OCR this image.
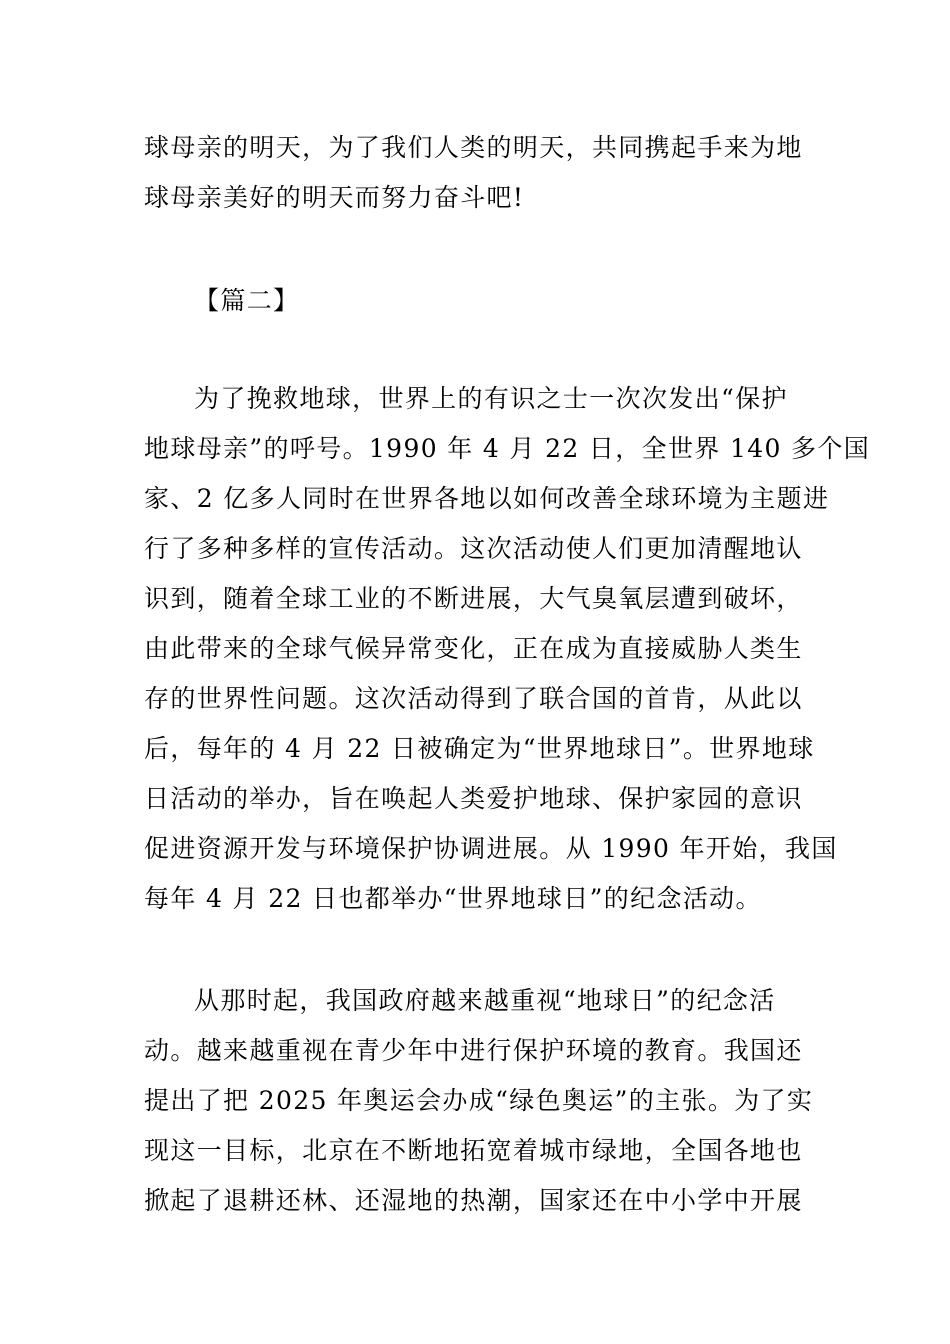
球母亲的明天，为了我们人类的明天，共同携起手来为地
球母亲美好的明天而努力奋斗吧!
【篇二】
为了挽救地球，世界上的有识之士一次次发出“保护
地球母亲”的呼号。1990 年 4 月 22 日，全世界 140 多个国
家、2 亿多人同时在世界各地以如何改善全球环境为主题进
行了多种多样的宣传活动。这次活动使人们更加清醒地认
识到，随着全球工业的不断进展，大气臭氧层遭到破坏，
由此带来的全球气候异常变化，正在成为直接威胁人类生
存的世界性问题。这次活动得到了联合国的首肯，从此以
后，每年的 4 月 22 日被确定为“世界地球日”。世界地球
日活动的举办，旨在唤起人类爱护地球、保护家园的意识
促进资源开发与环境保护协调进展。从 1990 年开始，我国
每年 4 月 22 日也都举办“世界地球日”的纪念活动。
从那时起，我国政府越来越重视“地球日”的纪念活
动。越来越重视在青少年中进行保护环境的教育。我国还
提出了把 2025 年奥运会办成“绿色奥运”的主张。为了实
现这一目标，北京在不断地拓宽着城市绿地，全国各地也
掀起了退耕还林、还湿地的热潮，国家还在中小学中开展
